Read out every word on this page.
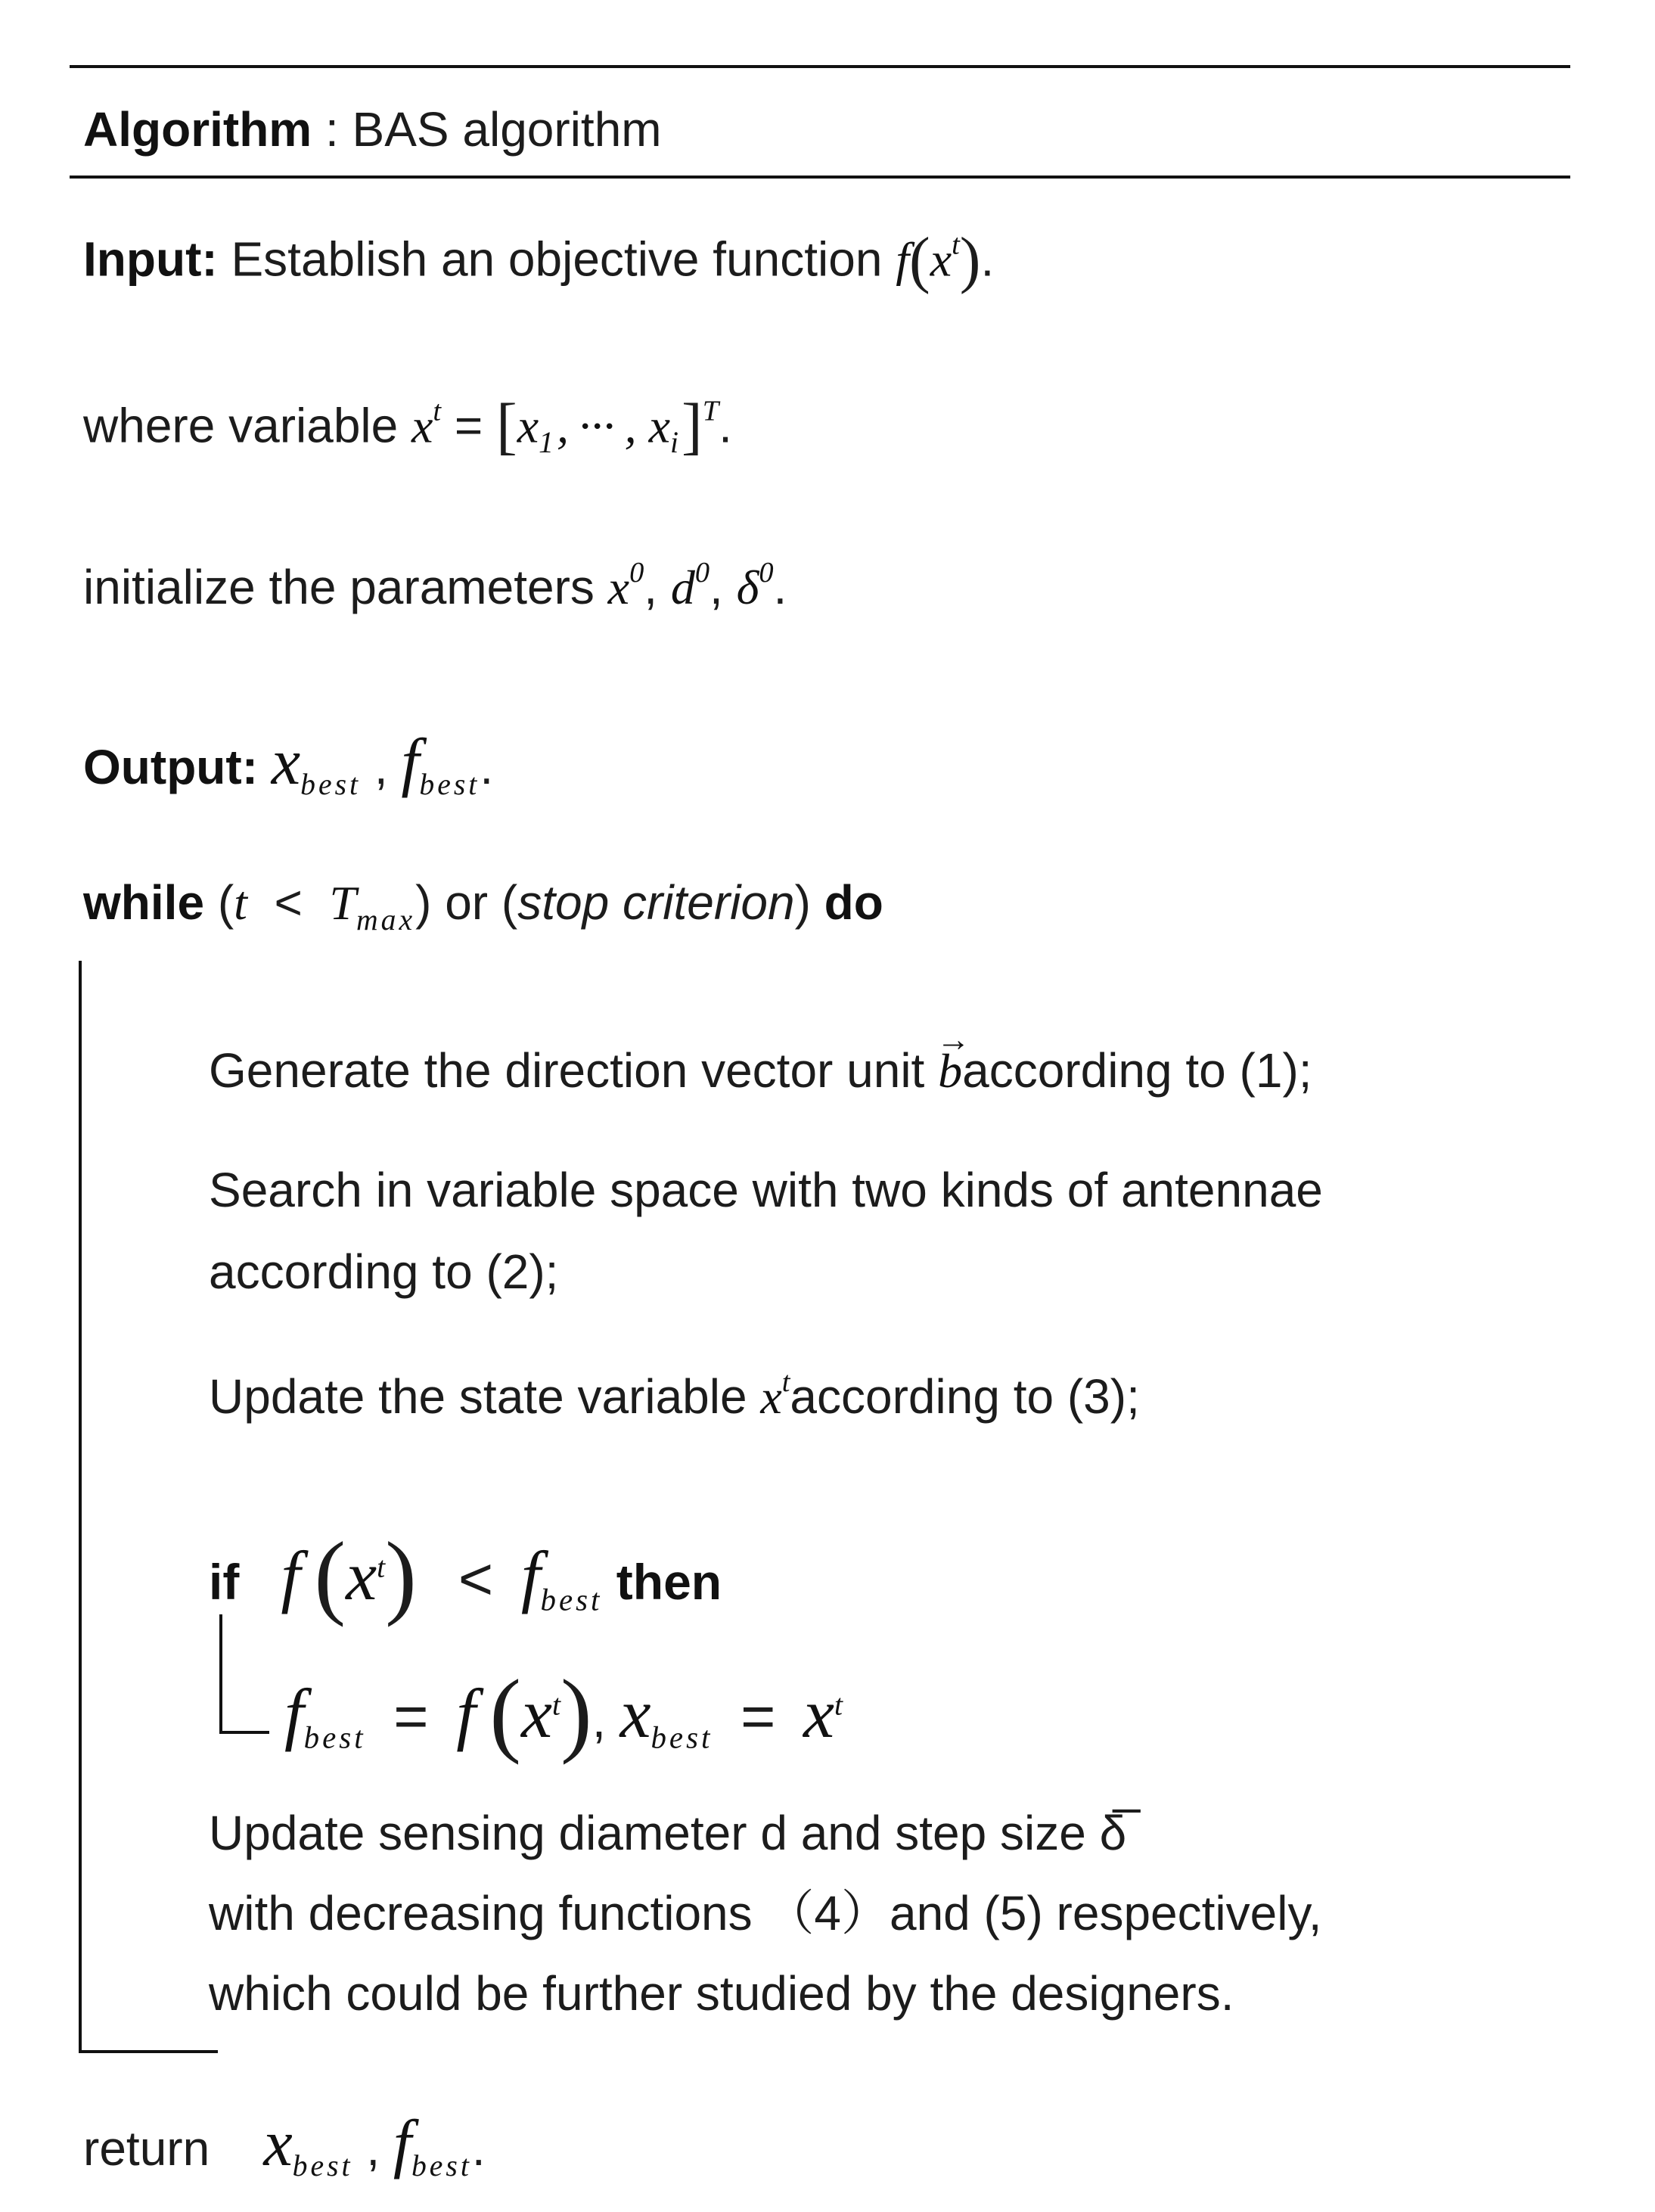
Algorithm : BAS algorithm
Input: Establish an objective function $f(x^t)$.
where variable $x^t = [x_1$, ··· , $x_i]^T$.
initialize the parameters $x^0$, $d^0$, $\delta^0$.
Output: $x_{best}$ , $f_{best}$.
while $(t < T_{max})$ or (stop criterion) do
Generate the direction vector unit b
→
according to (1);
Search in variable space with two kinds of antennae
according to (2);
Update the state variable $x^taccording$ to (3);
if f $(x^t) < f_{best}$ then
$f_{best} = f$ $(x^t)$, $x_{best} = x^t$
Update sensing diameter d and step size δ̅
with decreasing functions （4）and (5) respectively,
which could be further studied by the designers.
return $x_{best}$ , $f_{best}$.
